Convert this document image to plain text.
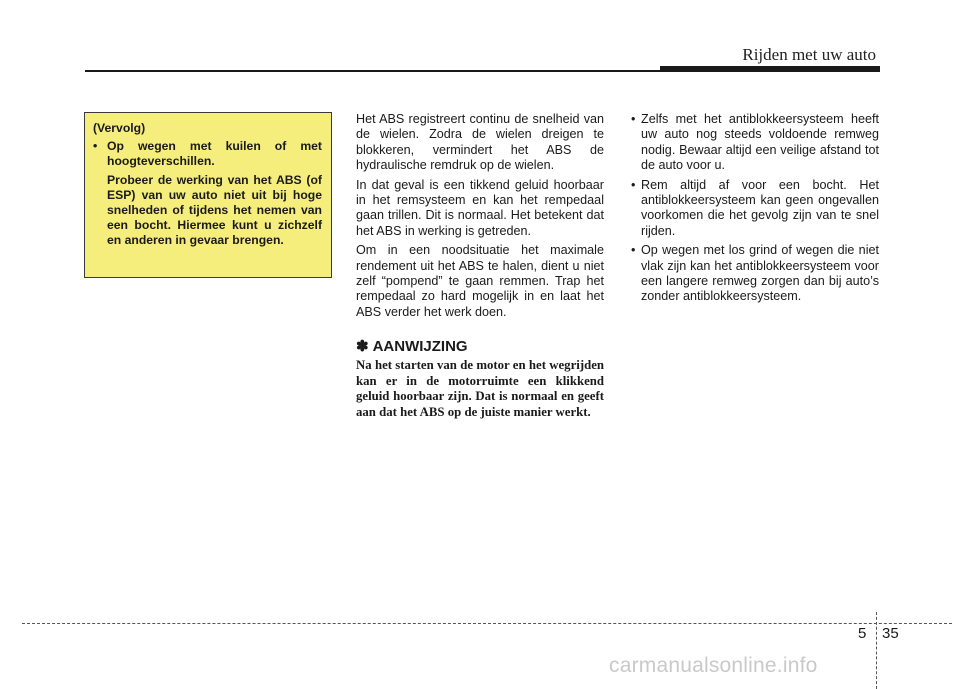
Rijden met uw auto

(Vervolg)

• Op wegen met kuilen of met hoogteverschillen.

Probeer de werking van het ABS (of ESP) van uw auto niet uit bij hoge snelheden of tijdens het nemen van een bocht. Hiermee kunt u zichzelf en anderen in gevaar brengen.

Het ABS registreert continu de snelheid van de wielen. Zodra de wielen dreigen te blokkeren, vermindert het ABS de hydraulische remdruk op de wielen.

In dat geval is een tikkend geluid hoorbaar in het remsysteem en kan het rempedaal gaan trillen. Dit is normaal. Het betekent dat het ABS in werking is getreden.

Om in een noodsituatie het maximale rendement uit het ABS te halen, dient u niet zelf “pompend” te gaan remmen. Trap het rempedaal zo hard mogelijk in en laat het ABS verder het werk doen.

✽ AANWIJZING
Na het starten van de motor en het wegrijden kan er in de motorruimte een klikkend geluid hoorbaar zijn. Dat is normaal en geeft aan dat het ABS op de juiste manier werkt.
• Zelfs met het antiblokkeersysteem heeft uw auto nog steeds voldoende remweg nodig. Bewaar altijd een veilige afstand tot de auto voor u.
• Rem altijd af voor een bocht. Het antiblokkeersysteem kan geen ongevallen voorkomen die het gevolg zijn van te snel rijden.
• Op wegen met los grind of wegen die niet vlak zijn kan het antiblokkeersysteem voor een langere remweg zorgen dan bij auto’s zonder antiblokkeersysteem.
5 35
carmanualsonline.info
